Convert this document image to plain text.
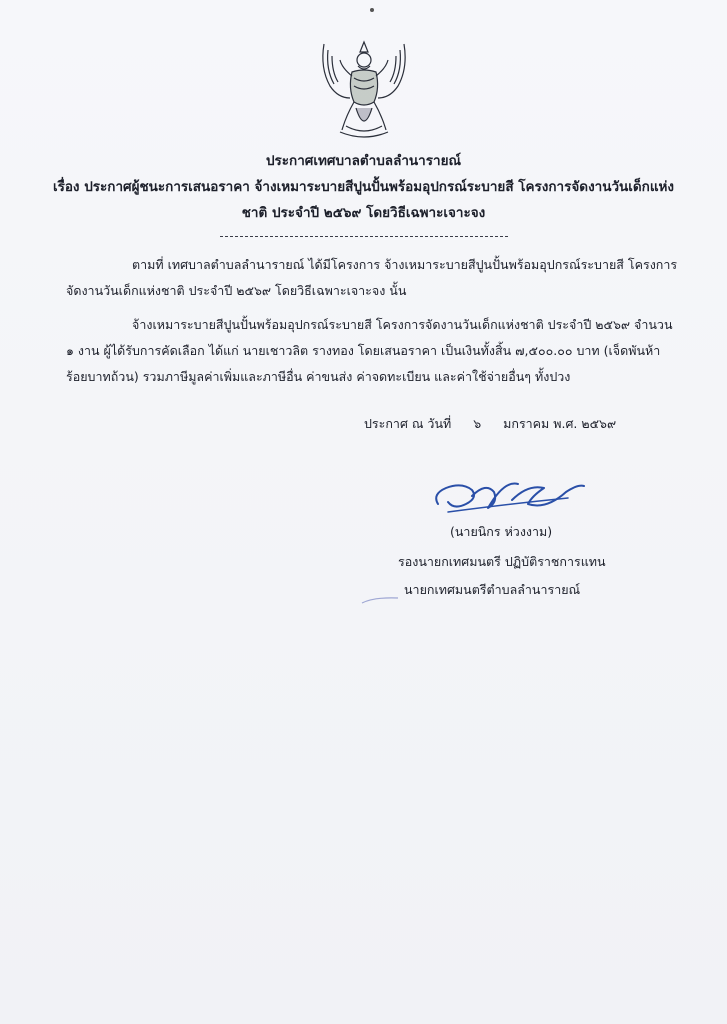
ประกาศเทศบาลตำบลลำนารายณ์
เรื่อง ประกาศผู้ชนะการเสนอราคา จ้างเหมาระบายสีปูนปั้นพร้อมอุปกรณ์ระบายสี โครงการจัดงานวันเด็กแห่ง
ชาติ ประจำปี ๒๕๖๙ โดยวิธีเฉพาะเจาะจง
ตามที่ เทศบาลตำบลลำนารายณ์ ได้มีโครงการ จ้างเหมาระบายสีปูนปั้นพร้อมอุปกรณ์ระบายสี โครงการ
จัดงานวันเด็กแห่งชาติ ประจำปี ๒๕๖๙ โดยวิธีเฉพาะเจาะจง นั้น
จ้างเหมาระบายสีปูนปั้นพร้อมอุปกรณ์ระบายสี โครงการจัดงานวันเด็กแห่งชาติ ประจำปี ๒๕๖๙ จำนวน
๑ งาน ผู้ได้รับการคัดเลือก ได้แก่ นายเชาวลิต รางทอง โดยเสนอราคา เป็นเงินทั้งสิ้น ๗,๕๐๐.๐๐ บาท (เจ็ดพันห้า
ร้อยบาทถ้วน) รวมภาษีมูลค่าเพิ่มและภาษีอื่น ค่าขนส่ง ค่าจดทะเบียน และค่าใช้จ่ายอื่นๆ ทั้งปวง
ประกาศ ณ วันที่ ๖ มกราคม พ.ศ. ๒๕๖๙
(นายนิกร ห่วงงาม)
รองนายกเทศมนตรี ปฏิบัติราชการแทน
นายกเทศมนตรีตำบลลำนารายณ์
